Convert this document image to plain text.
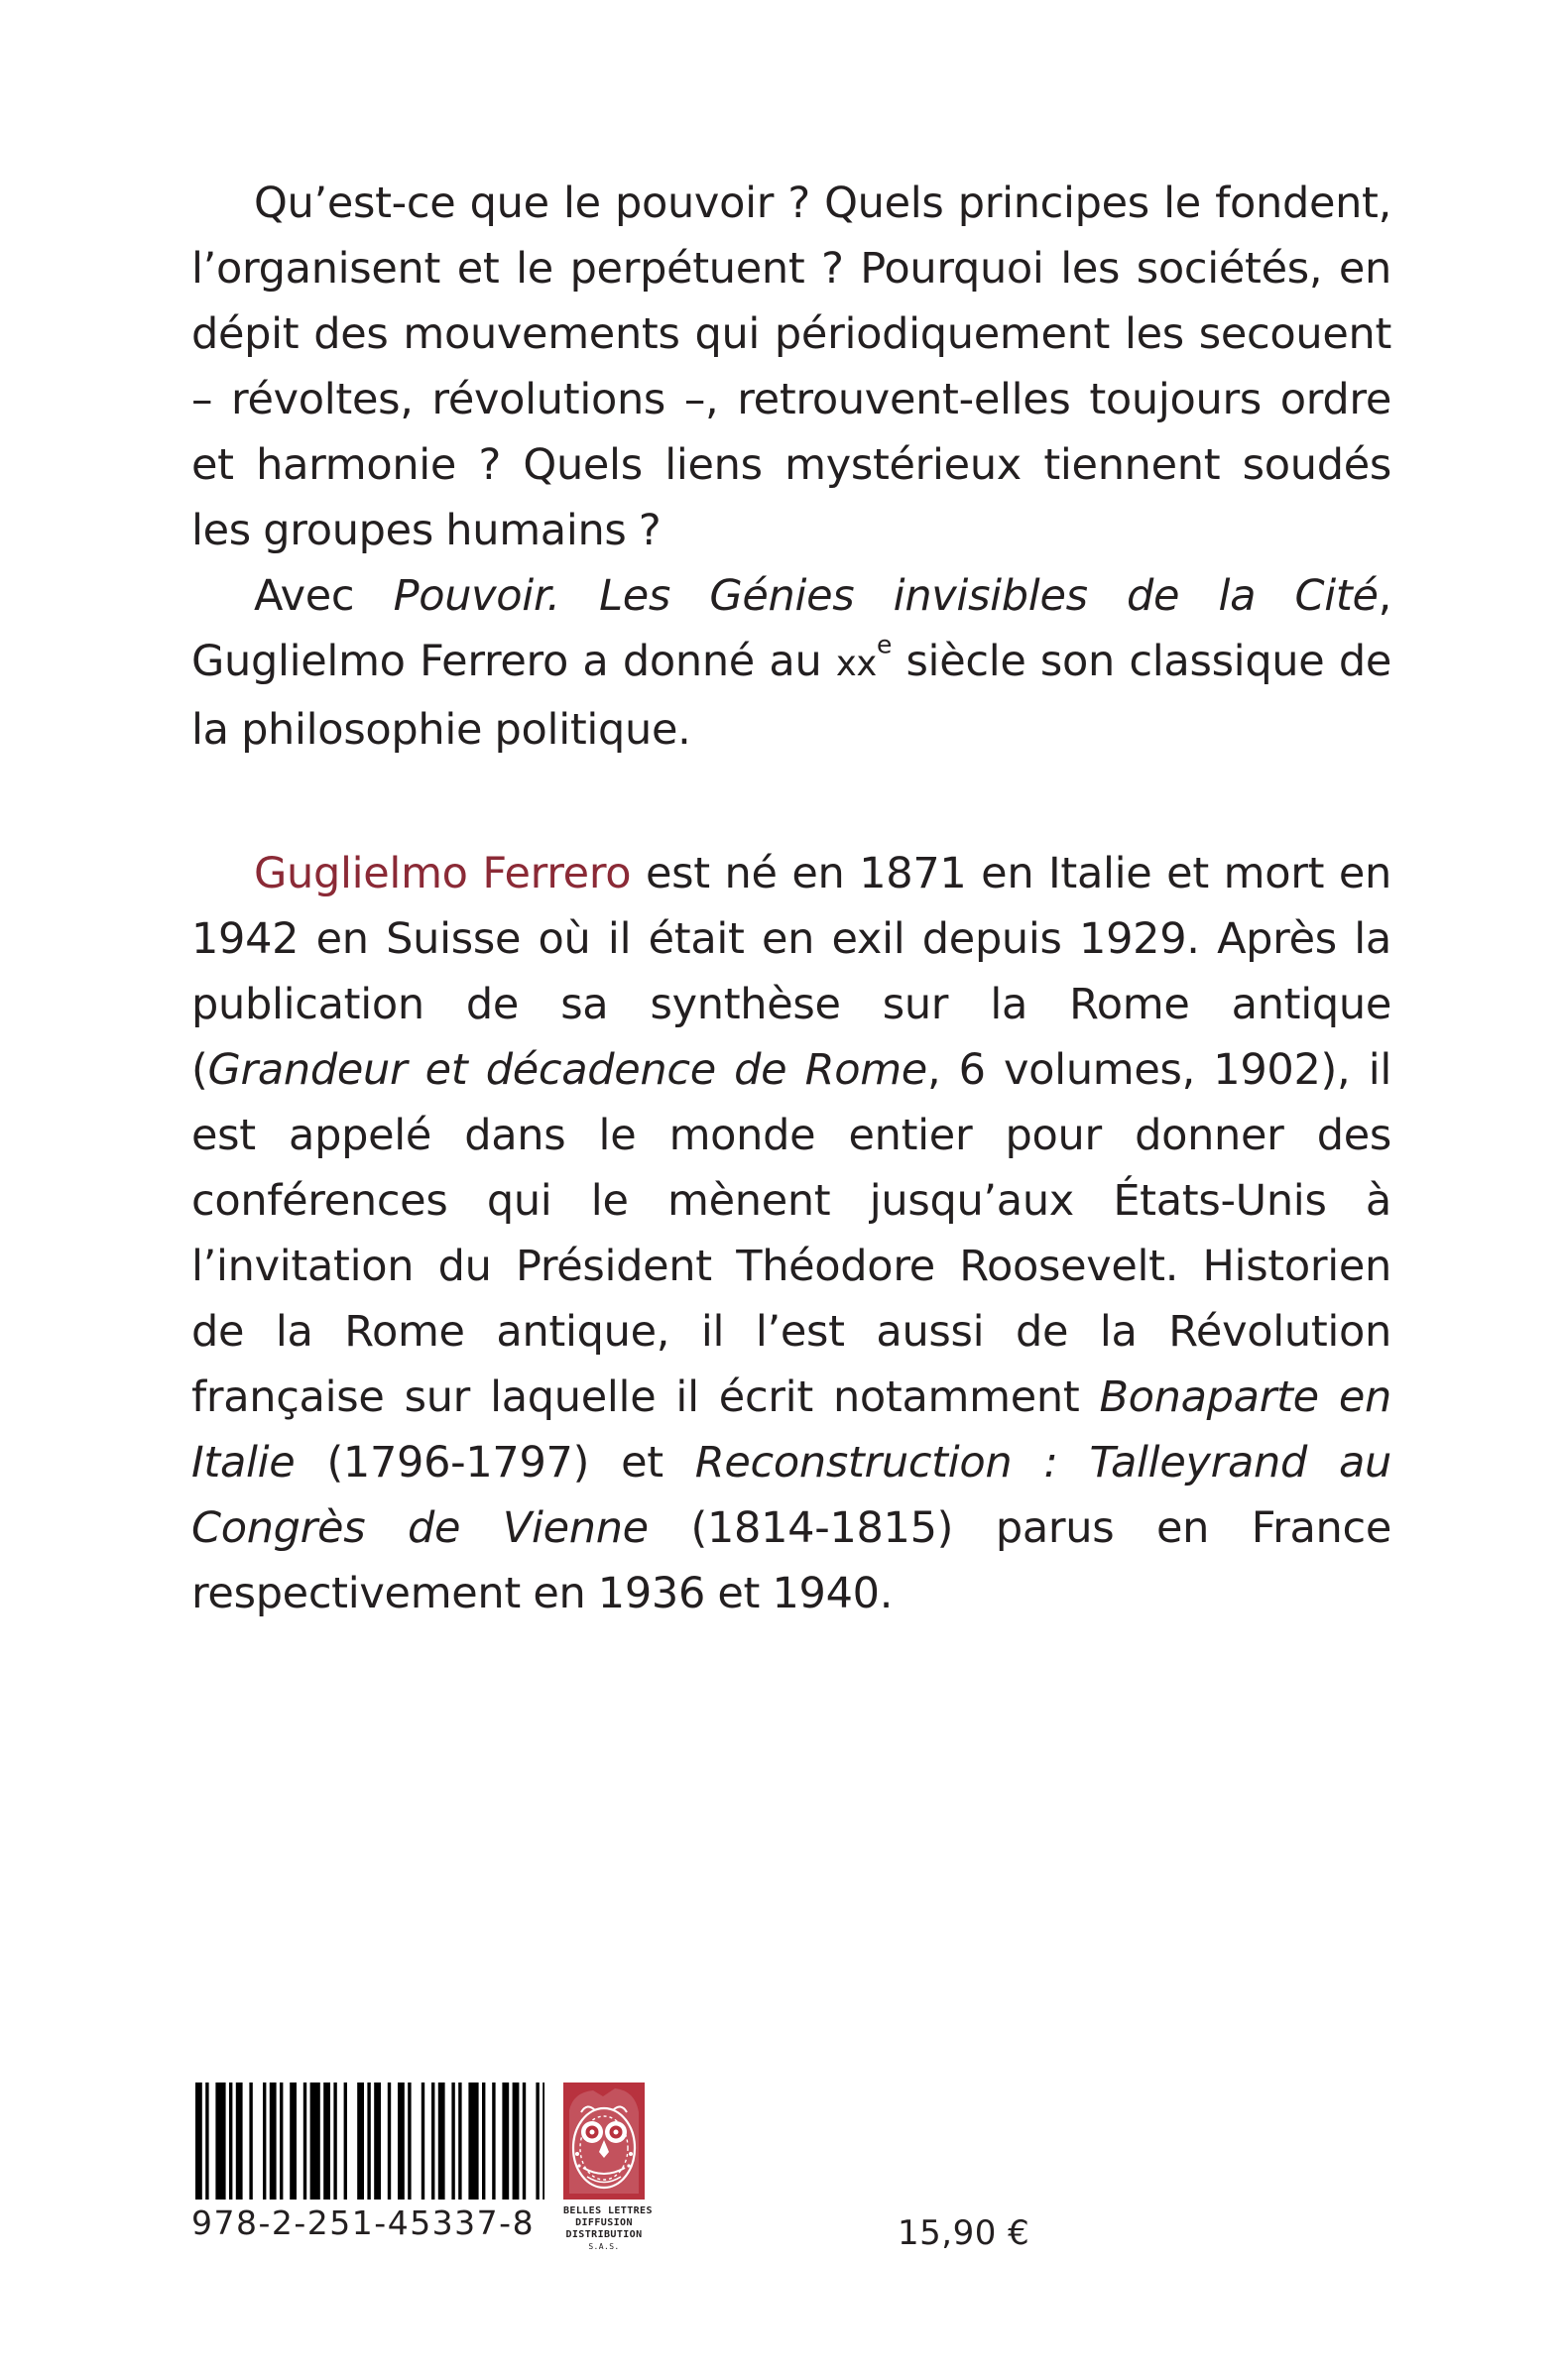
Qu’est-ce que le pouvoir ? Quels principes le fondent, l’organisent et le perpétuent ? Pourquoi les sociétés, en dépit des mouvements qui périodiquement les secouent – révoltes, révolutions –, retrouvent-elles toujours ordre et harmonie ? Quels liens mystérieux tiennent soudés les groupes humains ?

Avec Pouvoir. Les Génies invisibles de la Cité, Guglielmo Ferrero a donné au $xx^e$ siècle son classique de la philosophie politique.

Guglielmo Ferrero est né en 1871 en Italie et mort en 1942 en Suisse où il était en exil depuis 1929. Après la publication de sa synthèse sur la Rome antique (Grandeur et décadence de Rome, 6 volumes, 1902), il est appelé dans le monde entier pour donner des conférences qui le mènent jusqu’aux États-Unis à l’invitation du Président Théodore Roosevelt. Historien de la Rome antique, il l’est aussi de la Révolution française sur laquelle il écrit notamment Bonaparte en Italie (1796-1797) et Reconstruction : Talleyrand au Congrès de Vienne (1814-1815) parus en France respectivement en 1936 et 1940.

978-2-251-45337-8	BELLES LETTRES
DIFFUSION
DISTRIBUTION
S.A.S.	15,90 €
